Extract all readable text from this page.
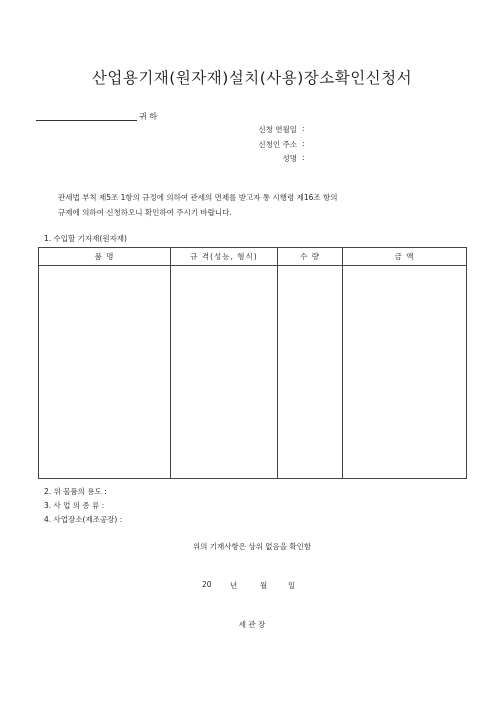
산업용기재(원자재)설치(사용)장소확인신청서
귀 하
신청 연월일 :
신청인 주소 :
성명 :
관세법 부칙 제5조 1항의 규정에 의하여 관세의 면제를 받고자 통 시행령 제16조 항의
규제에 의하여 신청하오니 확인하여 주시기 바랍니다.
1. 수입할 기자재(원자재)
품 명	규 격(성능, 형식)	수 량	금 액

2. 위 물품의 용도 :
3. 사 업 의 종 류 :
4. 사업장소(제조공장) :
위의 기재사항은 상위 없음을 확인함
20 년	월	일
세 관 장
